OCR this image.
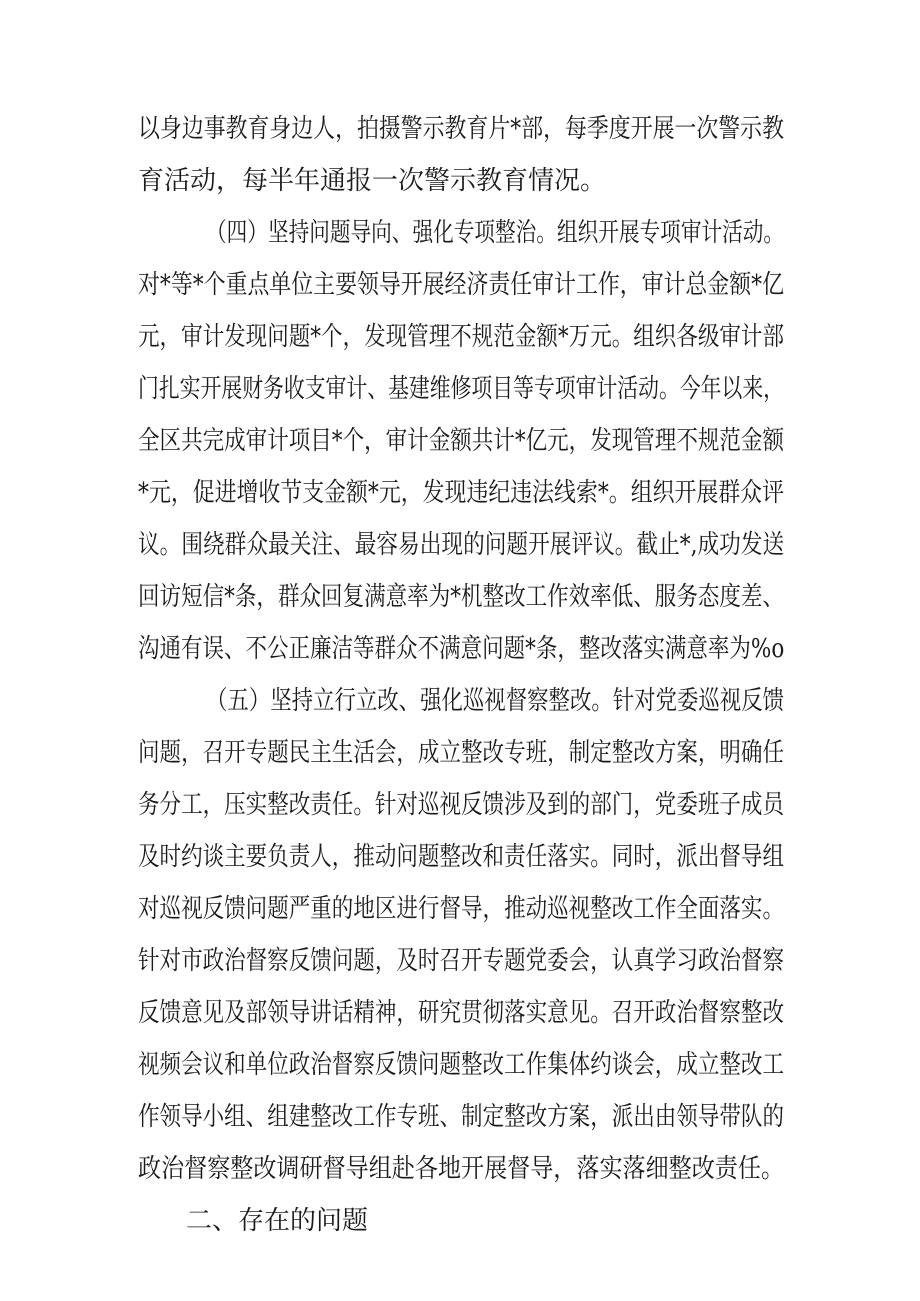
以身边事教育身边人，拍摄警示教育片*部，每季度开展一次警示教
育活动，每半年通报一次警示教育情况。
（四）坚持问题导向、强化专项整治。组织开展专项审计活动。
对*等*个重点单位主要领导开展经济责任审计工作，审计总金额*亿
元，审计发现问题*个，发现管理不规范金额*万元。组织各级审计部
门扎实开展财务收支审计、基建维修项目等专项审计活动。今年以来，
全区共完成审计项目*个，审计金额共计*亿元，发现管理不规范金额
*元，促进增收节支金额*元，发现违纪违法线索*。组织开展群众评
议。围绕群众最关注、最容易出现的问题开展评议。截止*,成功发送
回访短信*条，群众回复满意率为*机整改工作效率低、服务态度差、
沟通有误、不公正廉洁等群众不满意问题*条，整改落实满意率为%o
（五）坚持立行立改、强化巡视督察整改。针对党委巡视反馈
问题，召开专题民主生活会，成立整改专班，制定整改方案，明确任
务分工，压实整改责任。针对巡视反馈涉及到的部门，党委班子成员
及时约谈主要负责人，推动问题整改和责任落实。同时，派出督导组
对巡视反馈问题严重的地区进行督导，推动巡视整改工作全面落实。
针对市政治督察反馈问题，及时召开专题党委会，认真学习政治督察
反馈意见及部领导讲话精神，研究贯彻落实意见。召开政治督察整改
视频会议和单位政治督察反馈问题整改工作集体约谈会，成立整改工
作领导小组、组建整改工作专班、制定整改方案，派出由领导带队的
政治督察整改调研督导组赴各地开展督导，落实落细整改责任。
二、存在的问题
